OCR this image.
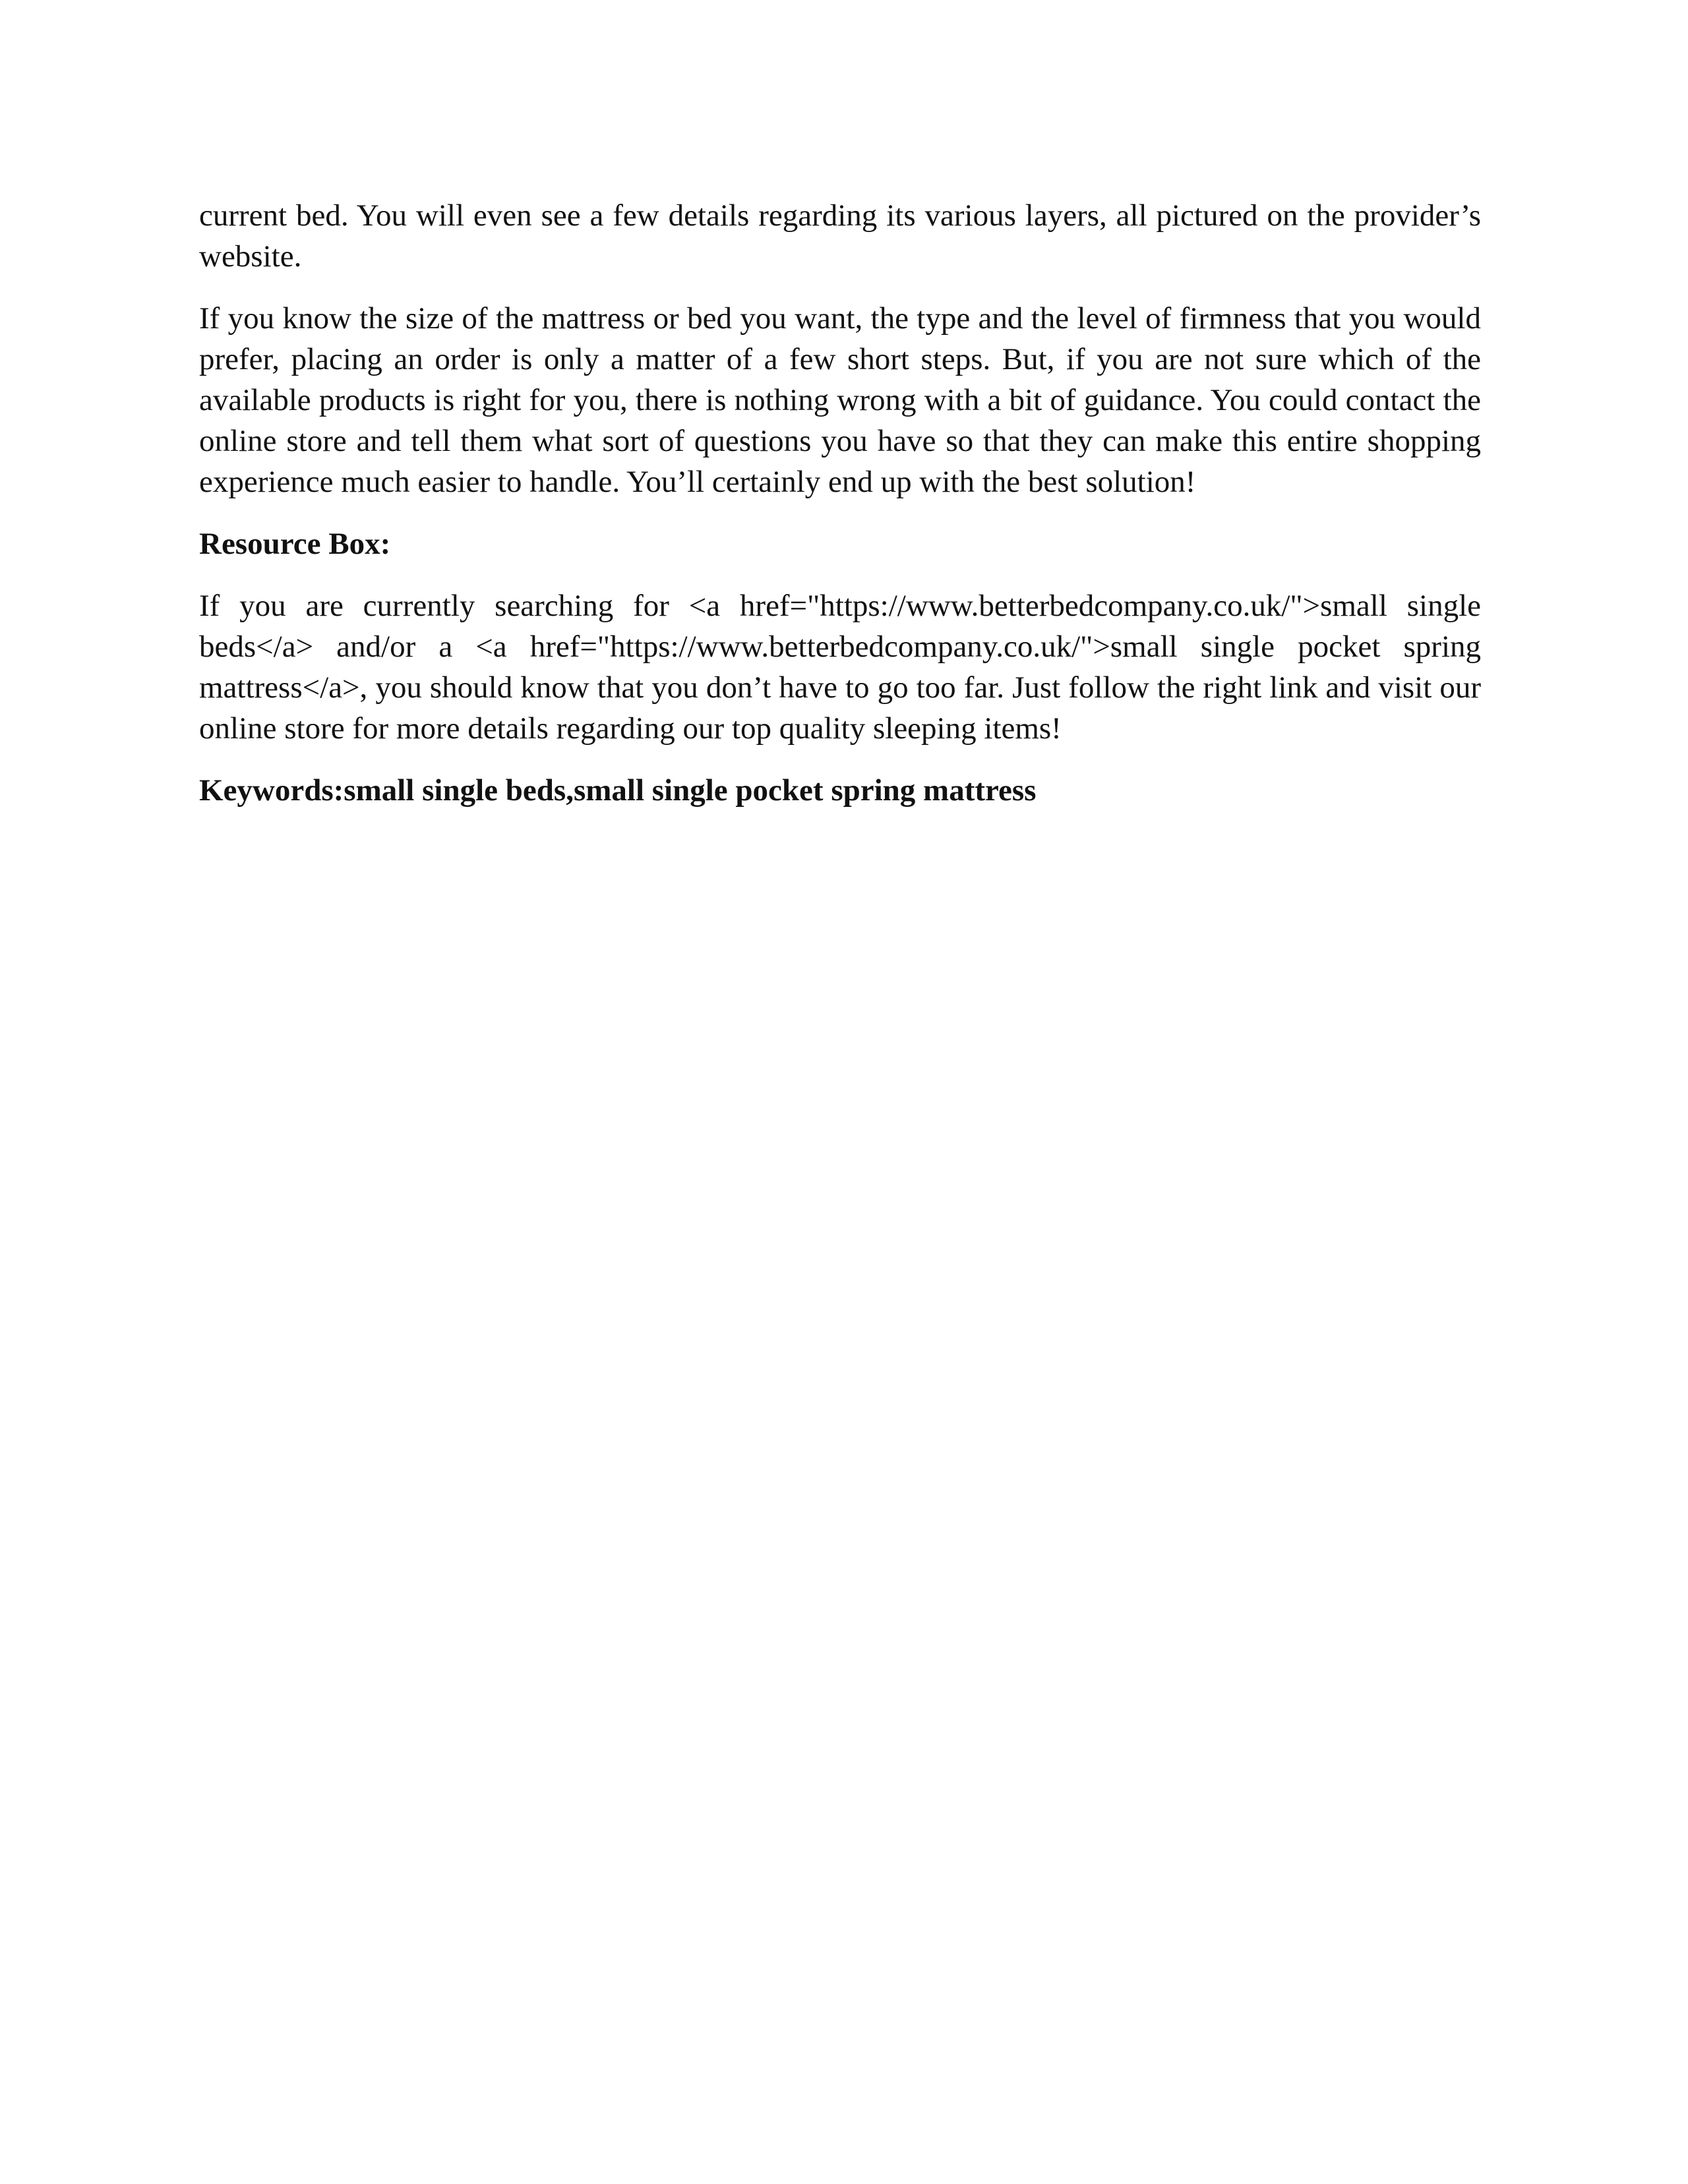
current bed. You will even see a few details regarding its various layers, all pictured on the provider’s website.

If you know the size of the mattress or bed you want, the type and the level of firmness that you would prefer, placing an order is only a matter of a few short steps. But, if you are not sure which of the available products is right for you, there is nothing wrong with a bit of guidance. You could contact the online store and tell them what sort of questions you have so that they can make this entire shopping experience much easier to handle. You’ll certainly end up with the best solution!

Resource Box:

If you are currently searching for <a href="https://www.betterbedcompany.co.uk/">small single beds</a> and/or a <a href="https://www.betterbedcompany.co.uk/">small single pocket spring mattress</a>, you should know that you don’t have to go too far. Just follow the right link and visit our online store for more details regarding our top quality sleeping items!

Keywords:small single beds,small single pocket spring mattress
